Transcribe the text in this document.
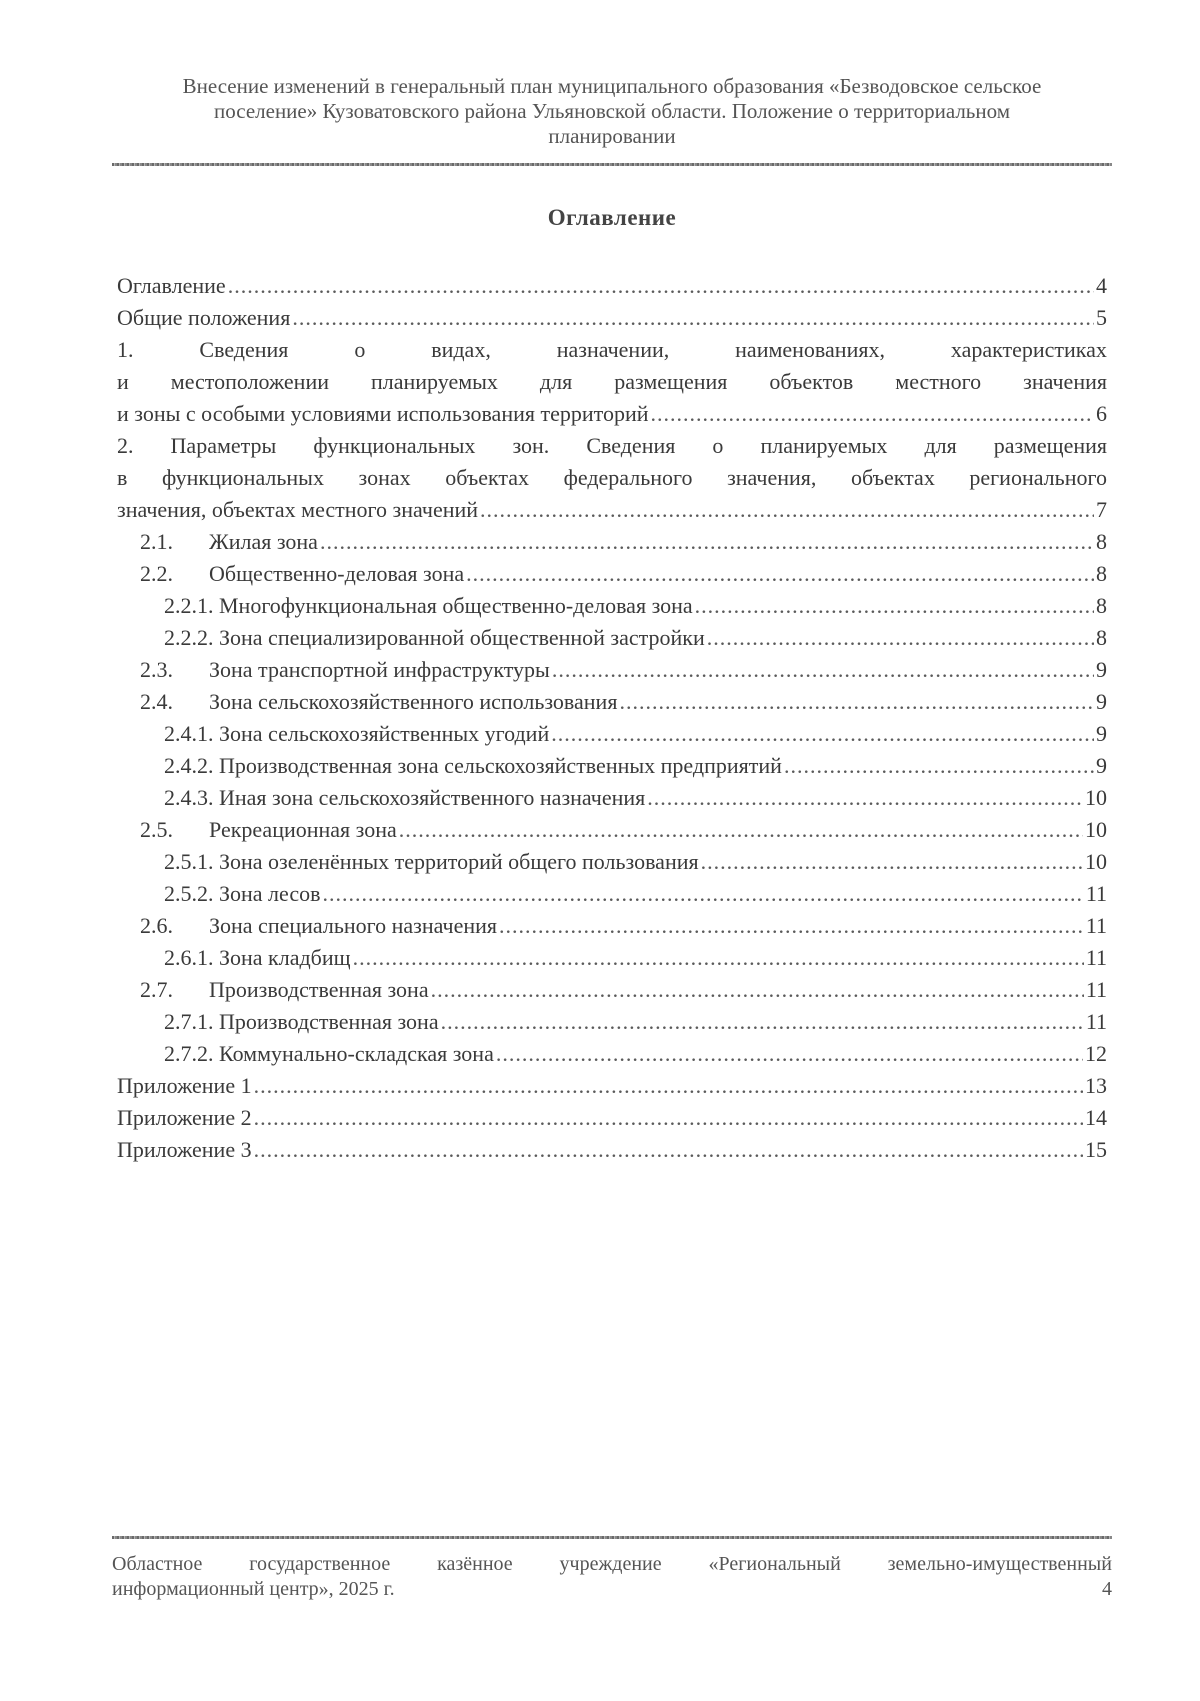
Внесение изменений в генеральный план муниципального образования «Безводовское сельское
поселение» Кузоватовского района Ульяновской области. Положение о территориальном
планировании
Оглавление
Оглавление .....	4
Общие положения .....	5
1.	Сведения	о	видах,	назначении,	наименованиях,	характеристиках
и местоположении планируемых для размещения объектов местного значения
и зоны с особыми условиями использования территорий .....	6
2. Параметры функциональных зон. Сведения о планируемых для размещения
в функциональных зонах объектах федерального значения, объектах регионального
значения, объектах местного значений .....	7
2.1. Жилая зона .....	8
2.2. Общественно-деловая зона .....	8
2.2.1. Многофункциональная общественно-деловая зона .....	8
2.2.2. Зона специализированной общественной застройки .....	8
2.3. Зона транспортной инфраструктуры .....	9
2.4. Зона сельскохозяйственного использования .....	9
2.4.1. Зона сельскохозяйственных угодий .....	9
2.4.2. Производственная зона сельскохозяйственных предприятий .....	9
2.4.3. Иная зона сельскохозяйственного назначения .....	10
2.5. Рекреационная зона .....	10
2.5.1. Зона озеленённых территорий общего пользования .....	10
2.5.2. Зона лесов .....	11
2.6. Зона специального назначения .....	11
2.6.1. Зона кладбищ .....	11
2.7. Производственная зона .....	11
2.7.1. Производственная зона .....	11
2.7.2. Коммунально-складская зона .....	12
Приложение 1 .....	13
Приложение 2 .....	14
Приложение 3 .....	15
Областное государственное казённое учреждение «Региональный земельно-имущественный
информационный центр», 2025 г.	4
